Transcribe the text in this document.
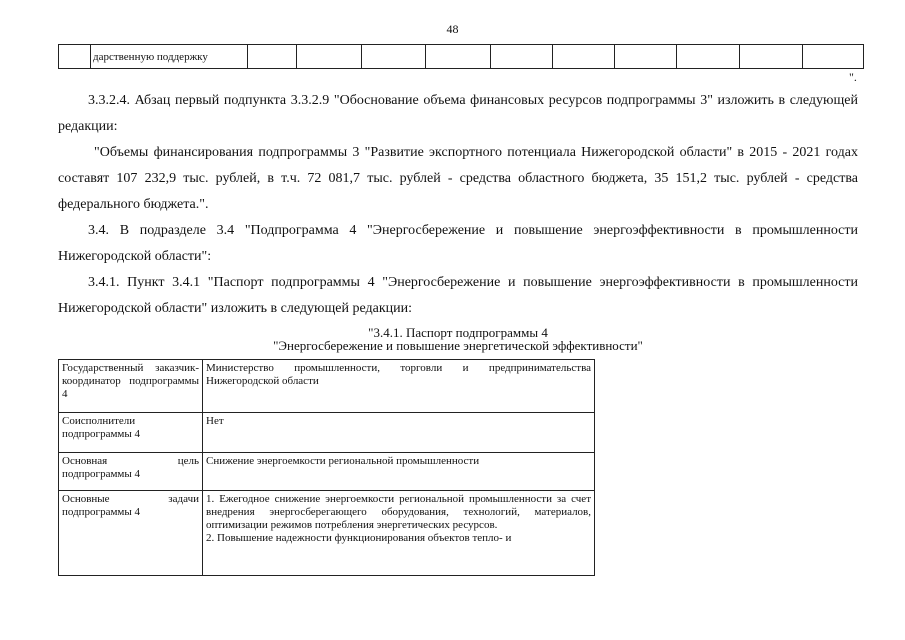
48
	дарственную поддержку										
".

3.3.2.4. Абзац первый подпункта 3.3.2.9 "Обоснование объема финансовых ресурсов подпрограммы 3" изложить в следующей редакции:

"Объемы финансирования подпрограммы 3 "Развитие экспортного потенциала Нижегородской области" в 2015 - 2021 годах составят 107 232,9 тыс. рублей, в т.ч. 72 081,7 тыс. рублей - средства областного бюджета, 35 151,2 тыс. рублей - средства федерального бюджета.".

3.4. В подразделе 3.4 "Подпрограмма 4 "Энергосбережение и повышение энергоэффективности в промышленности Нижегородской области":

3.4.1. Пункт 3.4.1 "Паспорт подпрограммы 4 "Энергосбережение и повышение энергоэффективности в промышленности Нижегородской области" изложить в следующей редакции:

"3.4.1. Паспорт подпрограммы 4
"Энергосбережение и повышение энергетической эффективности"
Государственный заказчик-координатор подпрограммы 4	Министерство промышленности, торговли и предпринимательства Нижегородской области
Соисполнители подпрограммы 4	Нет
Основная цель подпрограммы 4	Снижение энергоемкости региональной промышленности
Основные задачи подпрограммы 4	1. Ежегодное снижение энергоемкости региональной промышленности за счет внедрения энергосберегающего оборудования, технологий, материалов, оптимизации режимов потребления энергетических ресурсов.
2. Повышение надежности функционирования объектов тепло- и
